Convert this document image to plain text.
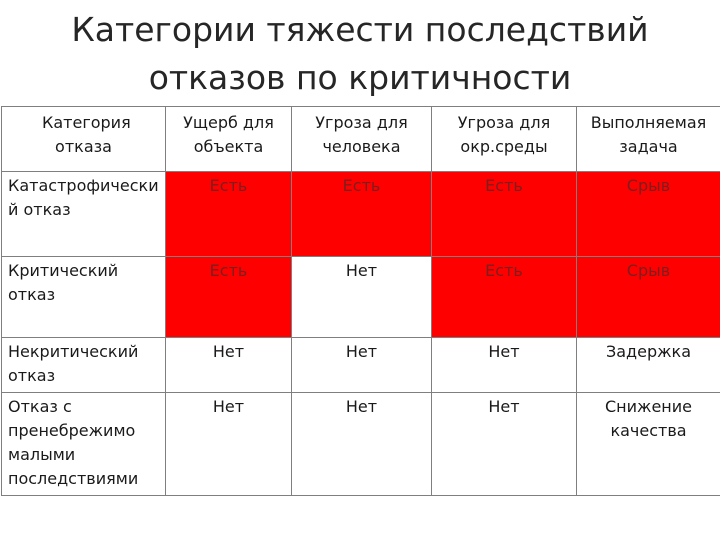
Категории тяжести последствий
отказов по критичности
Категория отказа	Ущерб для объекта	Угроза для человека	Угроза для окр.среды	Выполняемая задача
Катастрофический отказ	Есть	Есть	Есть	Срыв
Критический отказ	Есть	Нет	Есть	Срыв
Некритический отказ	Нет	Нет	Нет	Задержка
Отказ с пренебрежимо малыми последствиями	Нет	Нет	Нет	Снижение качества
